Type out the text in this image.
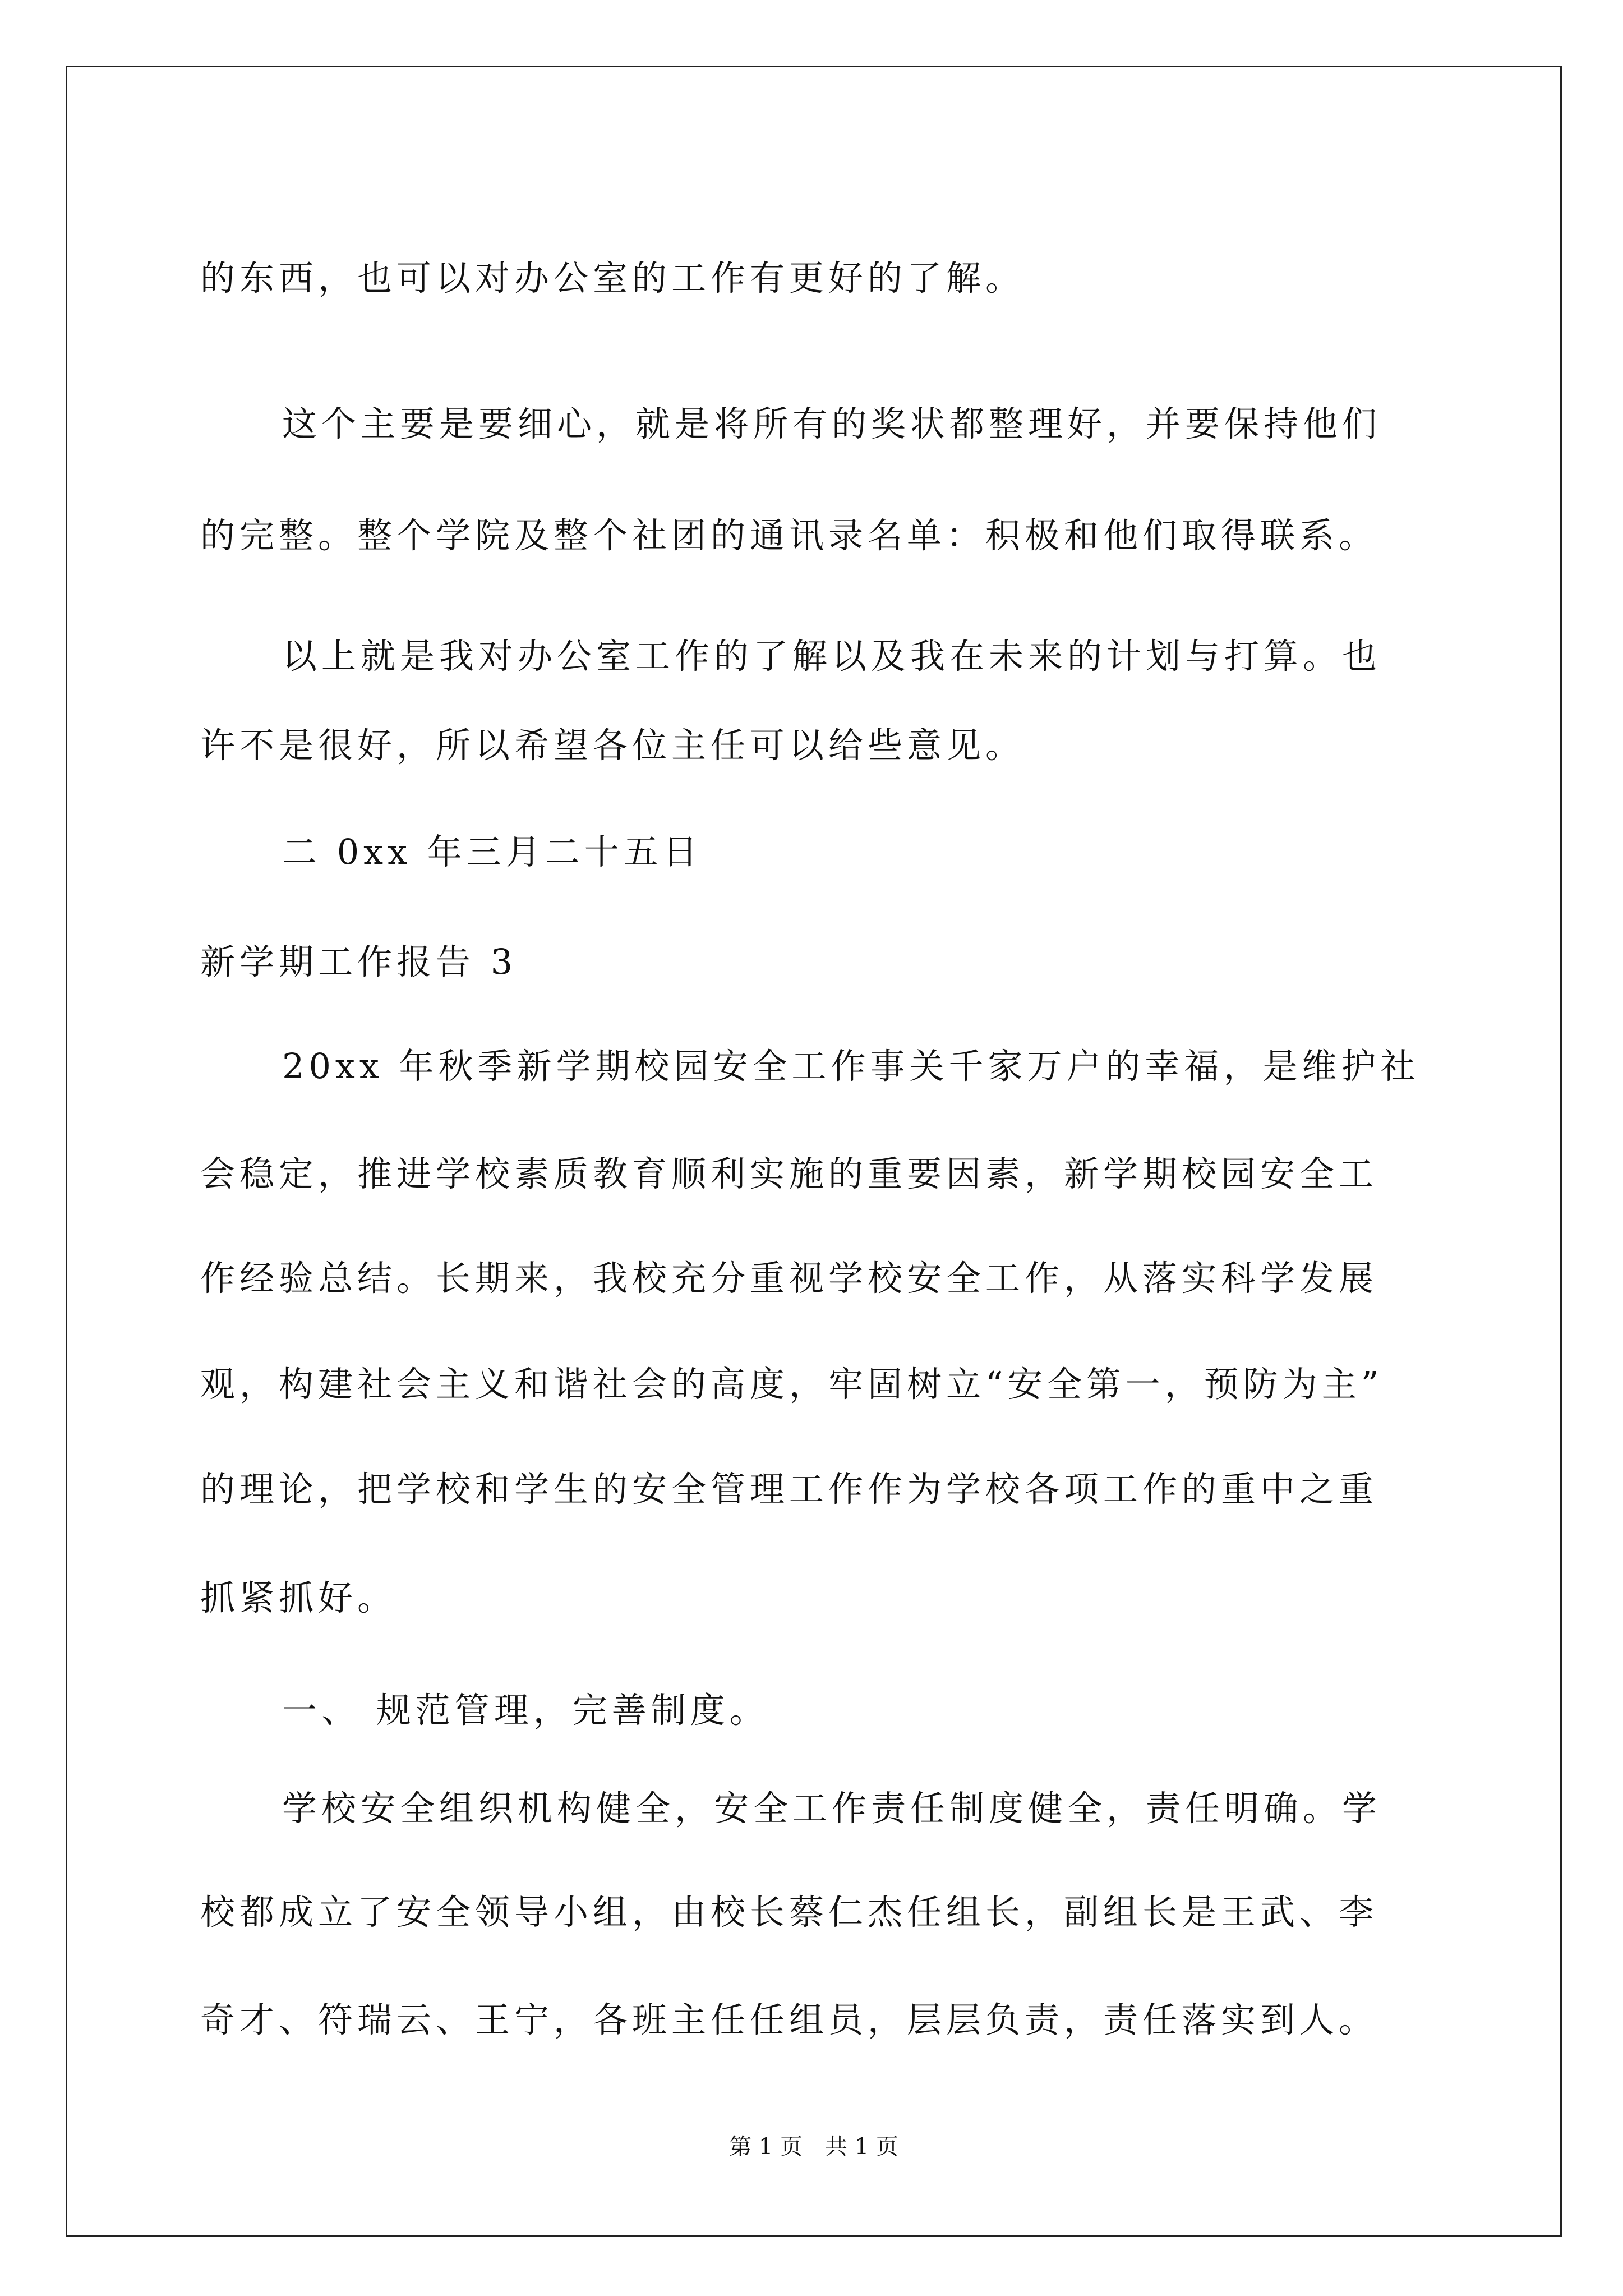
的东西，也可以对办公室的工作有更好的了解。
这个主要是要细心，就是将所有的奖状都整理好，并要保持他们
的完整。整个学院及整个社团的通讯录名单：积极和他们取得联系。
以上就是我对办公室工作的了解以及我在未来的计划与打算。也
许不是很好，所以希望各位主任可以给些意见。
二 0xx 年三月二十五日
新学期工作报告 3
20xx 年秋季新学期校园安全工作事关千家万户的幸福，是维护社
会稳定，推进学校素质教育顺利实施的重要因素，新学期校园安全工
作经验总结。长期来，我校充分重视学校安全工作，从落实科学发展
观，构建社会主义和谐社会的高度，牢固树立“安全第一，预防为主”
的理论，把学校和学生的安全管理工作作为学校各项工作的重中之重
抓紧抓好。
一、 规范管理，完善制度。
学校安全组织机构健全，安全工作责任制度健全，责任明确。学
校都成立了安全领导小组，由校长蔡仁杰任组长，副组长是王武、李
奇才、符瑞云、王宁，各班主任任组员，层层负责，责任落实到人。
第 1 页　共 1 页
